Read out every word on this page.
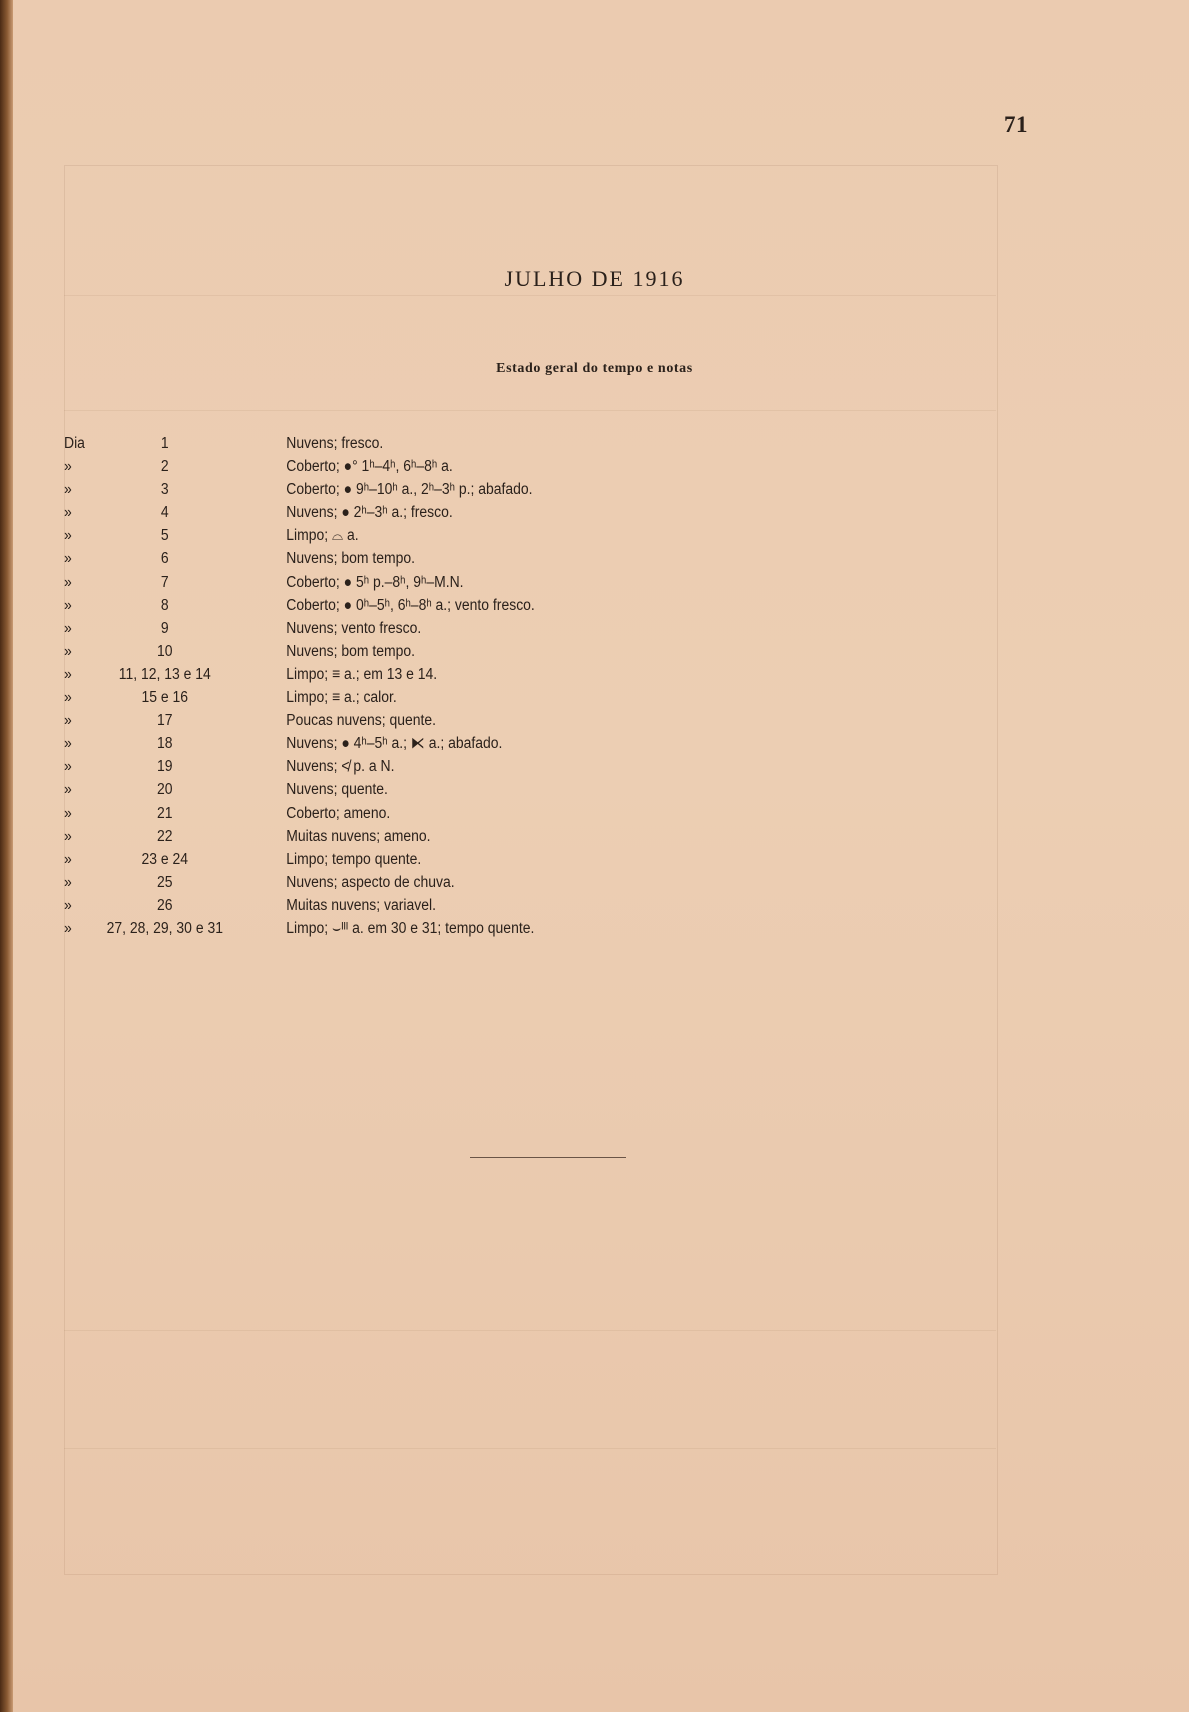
71
JULHO DE 1916
Estado geral do tempo e notas
Dia	1	Nuvens; fresco.
»	2	Coberto; ●° 1ʰ–4ʰ, 6ʰ–8ʰ a.
»	3	Coberto; ● 9ʰ–10ʰ a., 2ʰ–3ʰ p.; abafado.
»	4	Nuvens; ● 2ʰ–3ʰ a.; fresco.
»	5	Limpo; ⌓ a.
»	6	Nuvens; bom tempo.
»	7	Coberto; ● 5ʰ p.–8ʰ, 9ʰ–M.N.
»	8	Coberto; ● 0ʰ–5ʰ, 6ʰ–8ʰ a.; vento fresco.
»	9	Nuvens; vento fresco.
»	10	Nuvens; bom tempo.
»	11, 12, 13 e 14	Limpo; ≡ a.; em 13 e 14.
»	15 e 16	Limpo; ≡ a.; calor.
»	17	Poucas nuvens; quente.
»	18	Nuvens; ● 4ʰ–5ʰ a.; ⧔ a.; abafado.
»	19	Nuvens; ≮ p. a N.
»	20	Nuvens; quente.
»	21	Coberto; ameno.
»	22	Muitas nuvens; ameno.
»	23 e 24	Limpo; tempo quente.
»	25	Nuvens; aspecto de chuva.
»	26	Muitas nuvens; variavel.
»	27, 28, 29, 30 e 31	Limpo; ⌣ᴵᴵᴵ a. em 30 e 31; tempo quente.
